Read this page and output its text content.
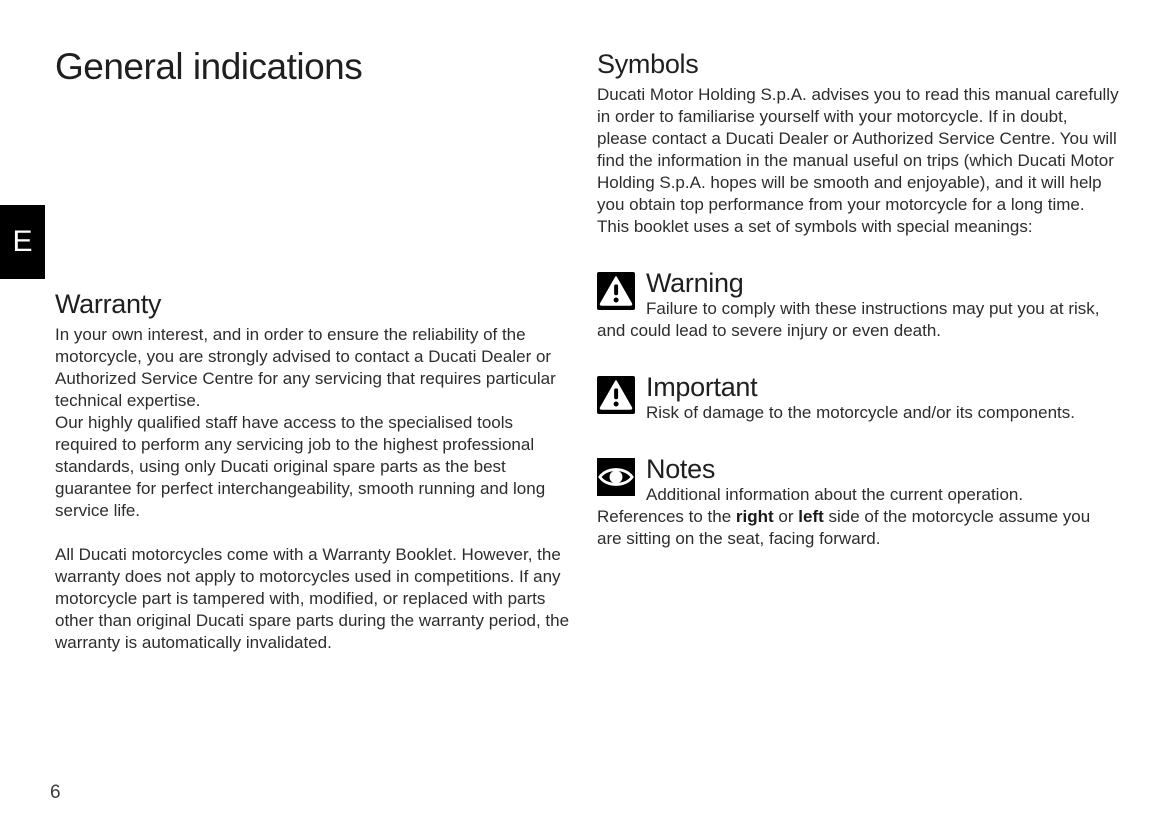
General indications
E
Warranty

In your own interest, and in order to ensure the reliability of the motorcycle, you are strongly advised to contact a Ducati Dealer or Authorized Service Centre for any servicing that requires particular technical expertise.

Our highly qualified staff have access to the specialised tools required to perform any servicing job to the highest professional standards, using only Ducati original spare parts as the best guarantee for perfect interchangeability, smooth running and long service life.

All Ducati motorcycles come with a Warranty Booklet. However, the warranty does not apply to motorcycles used in competitions. If any motorcycle part is tampered with, modified, or replaced with parts other than original Ducati spare parts during the warranty period, the warranty is automatically invalidated.

Symbols

Ducati Motor Holding S.p.A. advises you to read this manual carefully in order to familiarise yourself with your motorcycle. If in doubt, please contact a Ducati Dealer or Authorized Service Centre. You will find the information in the manual useful on trips (which Ducati Motor Holding S.p.A. hopes will be smooth and enjoyable), and it will help you obtain top performance from your motorcycle for a long time. This booklet uses a set of symbols with special meanings:

Warning

Failure to comply with these instructions may put you at risk, and could lead to severe injury or even death.

Important

Risk of damage to the motorcycle and/or its components.

Notes

Additional information about the current operation.

References to the right or left side of the motorcycle assume you are sitting on the seat, facing forward.

6
